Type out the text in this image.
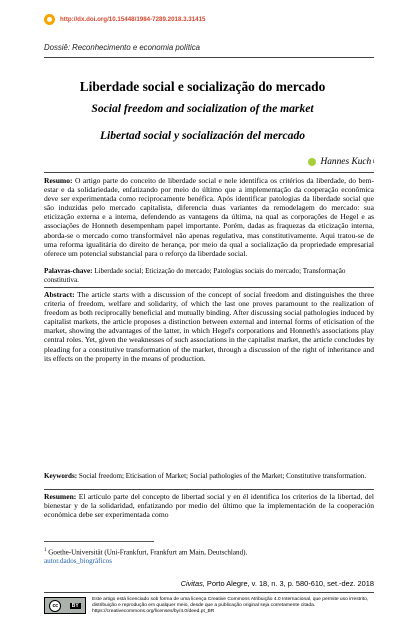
http://dx.doi.org/10.15448/1984-7289.2018.3.31415
Dossiê: Reconhecimento e economia política
Liberdade social e socialização do mercado
Social freedom and socialization of the market
Libertad social y socialización del mercado
Hannes Kuch 1
Resumo: O artigo parte do conceito de liberdade social e nele identifica os critérios da liberdade, do bem-estar e da solidariedade, enfatizando por meio do último que a implementação da cooperação econômica deve ser experimentada como reciprocamente benéfica. Após identificar patologias da liberdade social que são induzidas pelo mercado capitalista, diferencia duas variantes da remodelagem do mercado: sua eticização externa e a interna, defendendo as vantagens da última, na qual as corporações de Hegel e as associações de Honneth desempenham papel importante. Porém, dadas as fraquezas da eticização interna, aborda-se o mercado como transformável não apenas regulativa, mas constitutivamente. Aqui tratou-se de uma reforma igualitária do direito de herança, por meio da qual a socialização da propriedade empresarial oferece um potencial substancial para o reforço da liberdade social.
Palavras-chave: Liberdade social; Eticização do mercado; Patologias sociais do mercado; Transformação constitutiva.
Abstract: The article starts with a discussion of the concept of social freedom and distinguishes the three criteria of freedom, welfare and solidarity, of which the last one proves paramount to the realization of freedom as both reciprocally beneficial and mutually binding. After discussing social pathologies induced by capitalist markets, the article proposes a distinction between external and internal forms of eticisation of the market, showing the advantages of the latter, in which Hegel's corporations and Honneth's associations play central roles. Yet, given the weaknesses of such associations in the capitalist market, the article concludes by pleading for a constitutive transformation of the market, through a discussion of the right of inheritance and its effects on the property in the means of production.
Keywords: Social freedom; Eticisation of Market; Social pathologies of the Market; Constitutive transformation.
Resumen: El artículo parte del concepto de libertad social y en él identifica los criterios de la libertad, del bienestar y de la solidaridad, enfatizando por medio del último que la implementación de la cooperación económica debe ser experimentada como
$^1$ Goethe-Universität (Uni-Frankfurt, Frankfurt am Main, Deutschland).
autor.dados_biográficos
Civitas, Porto Alegre, v. 18, n. 3, p. 580-610, set.-dez. 2018
cc	BY
Este artigo está licenciado sob forma de uma licença Creative Commons Atribuição 4.0 Internacional, que permite uso irrestrito, distribuição e reprodução em qualquer meio, desde que a publicação original seja corretamente citada. https://creativecommons.org/licenses/by/4.0/deed.pt_BR
